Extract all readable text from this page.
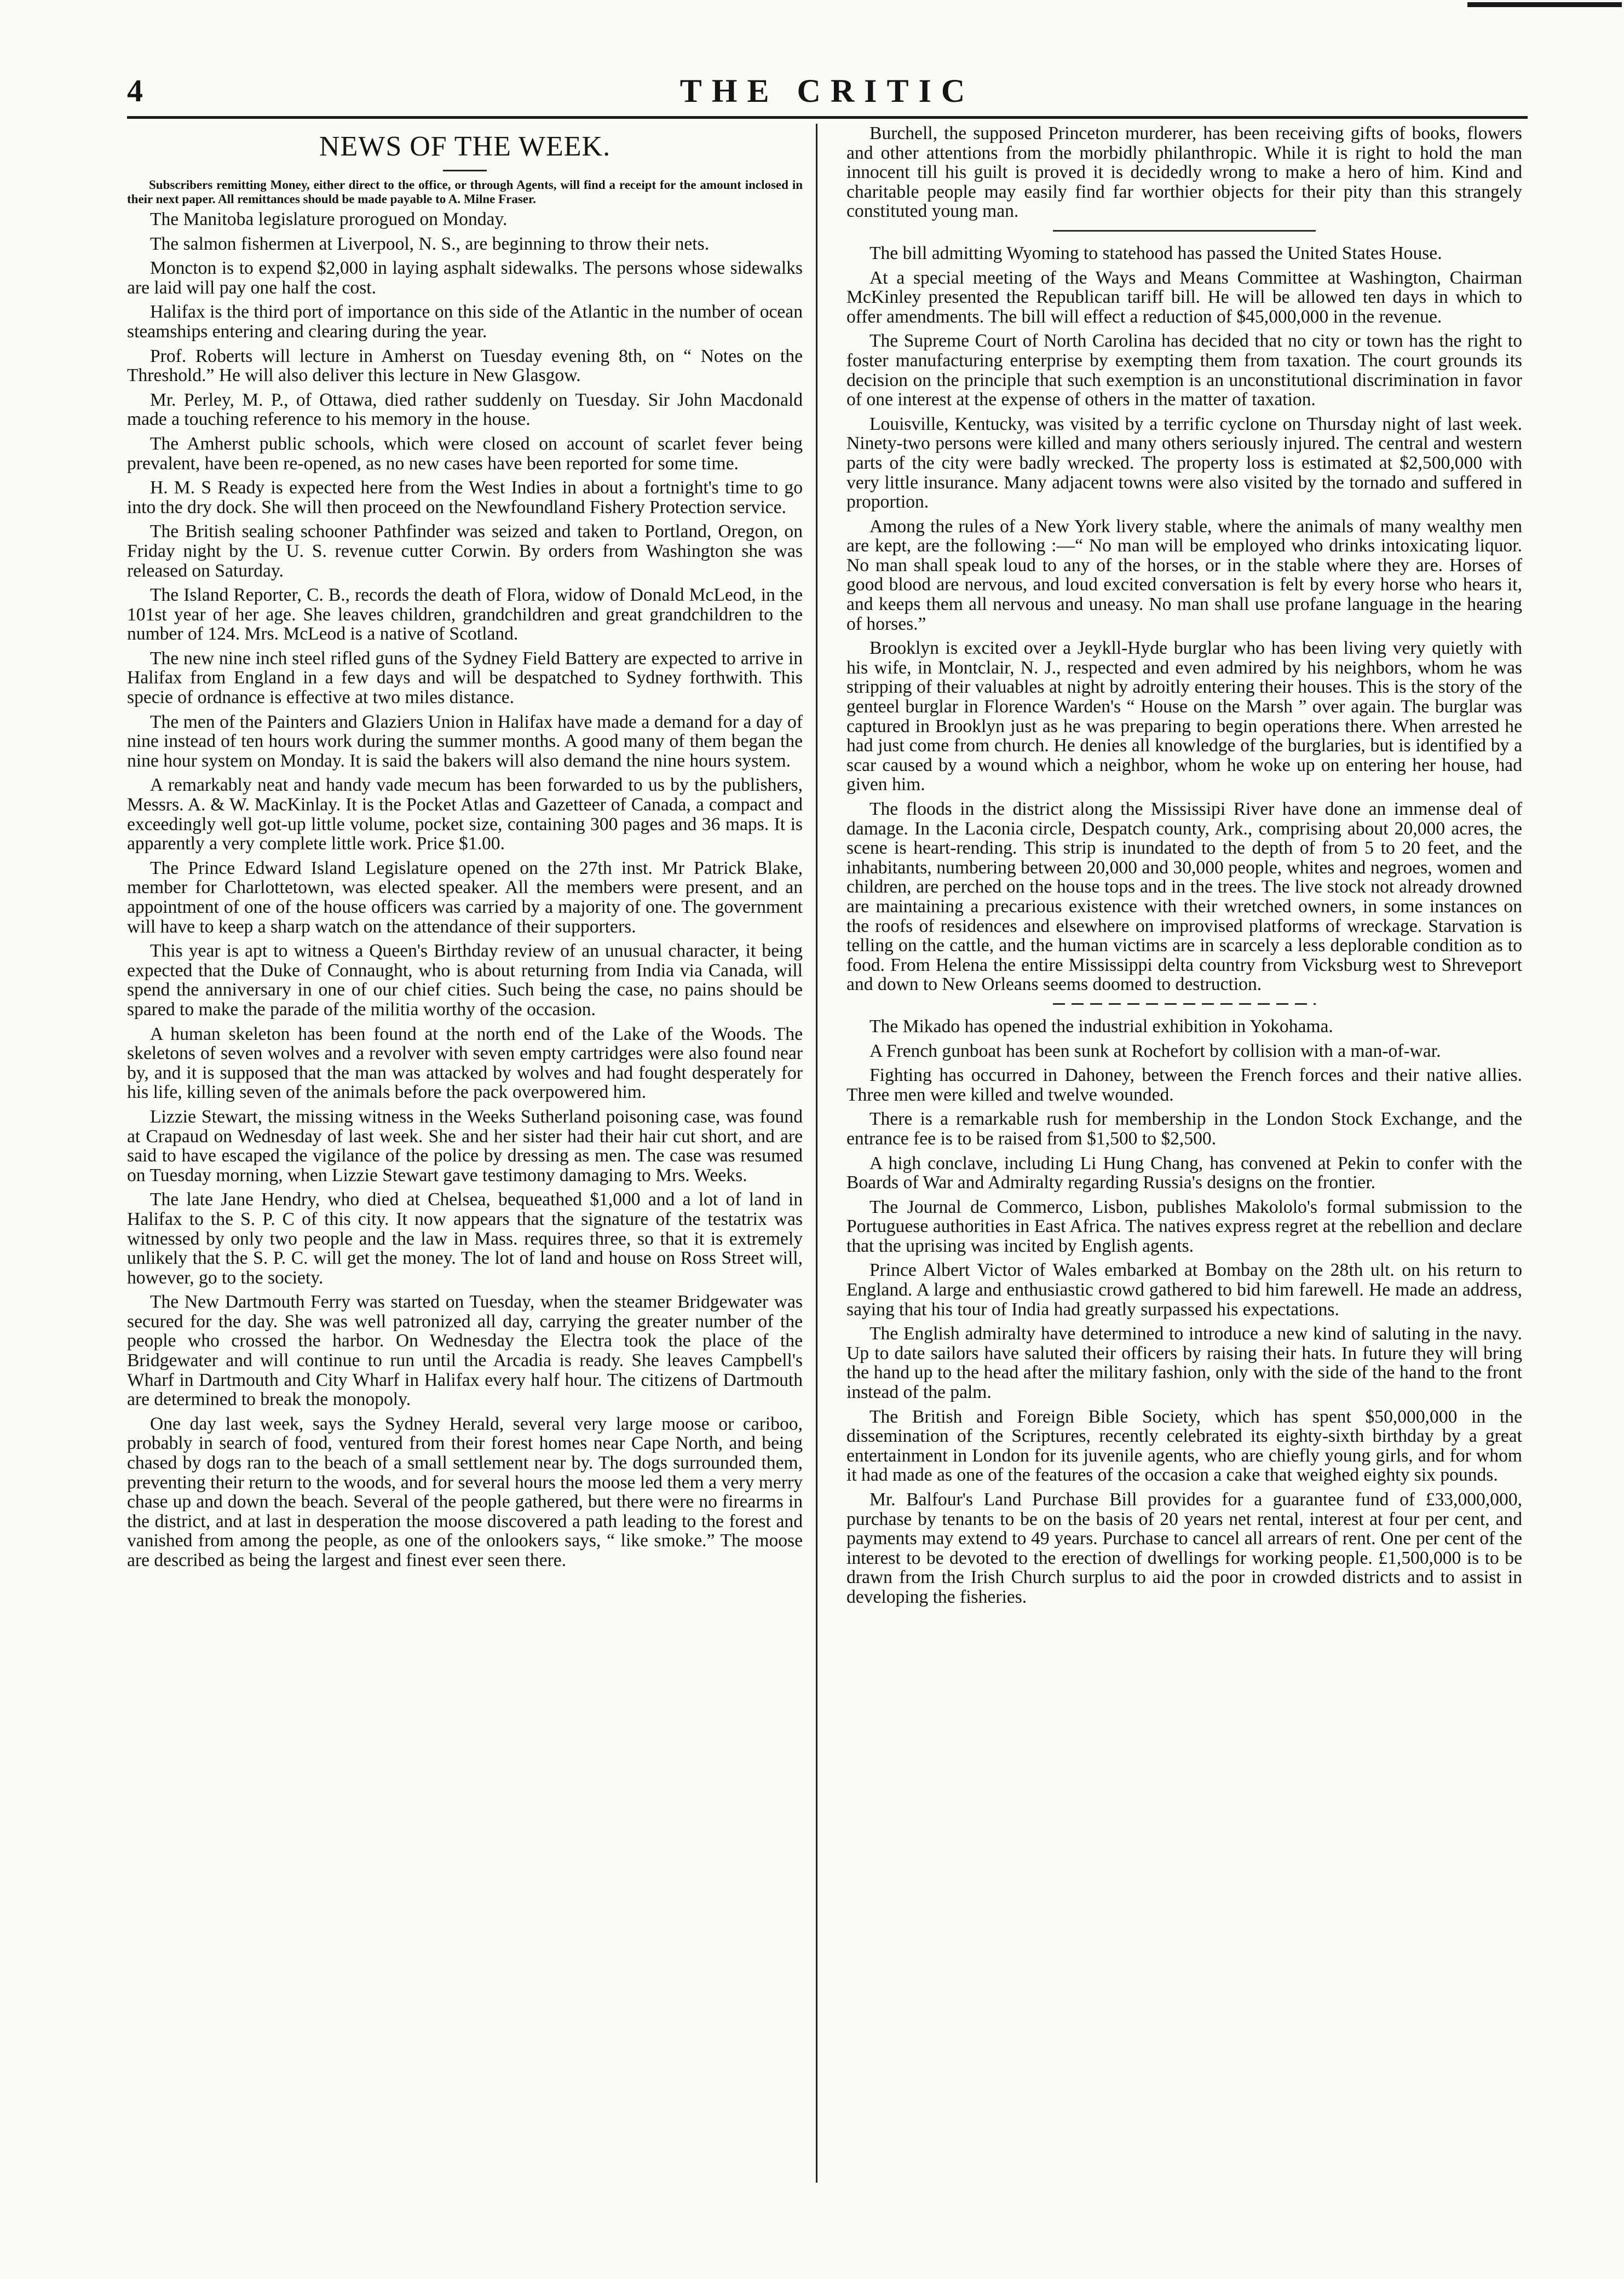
4	THE CRITIC
NEWS OF THE WEEK.
Subscribers remitting Money, either direct to the office, or through Agents, will find a receipt for the amount inclosed in their next paper. All remittances should be made payable to A. Milne Fraser.

The Manitoba legislature prorogued on Monday.

The salmon fishermen at Liverpool, N. S., are beginning to throw their nets.

Moncton is to expend $2,000 in laying asphalt sidewalks. The persons whose sidewalks are laid will pay one half the cost.

Halifax is the third port of importance on this side of the Atlantic in the number of ocean steamships entering and clearing during the year.

Prof. Roberts will lecture in Amherst on Tuesday evening 8th, on “ Notes on the Threshold.” He will also deliver this lecture in New Glasgow.

Mr. Perley, M. P., of Ottawa, died rather suddenly on Tuesday. Sir John Macdonald made a touching reference to his memory in the house.

The Amherst public schools, which were closed on account of scarlet fever being prevalent, have been re-opened, as no new cases have been reported for some time.

H. M. S Ready is expected here from the West Indies in about a fortnight's time to go into the dry dock. She will then proceed on the Newfoundland Fishery Protection service.

The British sealing schooner Pathfinder was seized and taken to Portland, Oregon, on Friday night by the U. S. revenue cutter Corwin. By orders from Washington she was released on Saturday.

The Island Reporter, C. B., records the death of Flora, widow of Donald McLeod, in the 101st year of her age. She leaves children, grandchildren and great grandchildren to the number of 124. Mrs. McLeod is a native of Scotland.

The new nine inch steel rifled guns of the Sydney Field Battery are expected to arrive in Halifax from England in a few days and will be despatched to Sydney forthwith. This specie of ordnance is effective at two miles distance.

The men of the Painters and Glaziers Union in Halifax have made a demand for a day of nine instead of ten hours work during the summer months. A good many of them began the nine hour system on Monday. It is said the bakers will also demand the nine hours system.

A remarkably neat and handy vade mecum has been forwarded to us by the publishers, Messrs. A. & W. MacKinlay. It is the Pocket Atlas and Gazetteer of Canada, a compact and exceedingly well got-up little volume, pocket size, containing 300 pages and 36 maps. It is apparently a very complete little work. Price $1.00.

The Prince Edward Island Legislature opened on the 27th inst. Mr Patrick Blake, member for Charlottetown, was elected speaker. All the members were present, and an appointment of one of the house officers was carried by a majority of one. The government will have to keep a sharp watch on the attendance of their supporters.

This year is apt to witness a Queen's Birthday review of an unusual character, it being expected that the Duke of Connaught, who is about returning from India via Canada, will spend the anniversary in one of our chief cities. Such being the case, no pains should be spared to make the parade of the militia worthy of the occasion.

A human skeleton has been found at the north end of the Lake of the Woods. The skeletons of seven wolves and a revolver with seven empty cartridges were also found near by, and it is supposed that the man was attacked by wolves and had fought desperately for his life, killing seven of the animals before the pack overpowered him.

Lizzie Stewart, the missing witness in the Weeks Sutherland poisoning case, was found at Crapaud on Wednesday of last week. She and her sister had their hair cut short, and are said to have escaped the vigilance of the police by dressing as men. The case was resumed on Tuesday morning, when Lizzie Stewart gave testimony damaging to Mrs. Weeks.

The late Jane Hendry, who died at Chelsea, bequeathed $1,000 and a lot of land in Halifax to the S. P. C of this city. It now appears that the signature of the testatrix was witnessed by only two people and the law in Mass. requires three, so that it is extremely unlikely that the S. P. C. will get the money. The lot of land and house on Ross Street will, however, go to the society.

The New Dartmouth Ferry was started on Tuesday, when the steamer Bridgewater was secured for the day. She was well patronized all day, carrying the greater number of the people who crossed the harbor. On Wednesday the Electra took the place of the Bridgewater and will continue to run until the Arcadia is ready. She leaves Campbell's Wharf in Dartmouth and City Wharf in Halifax every half hour. The citizens of Dartmouth are determined to break the monopoly.

One day last week, says the Sydney Herald, several very large moose or cariboo, probably in search of food, ventured from their forest homes near Cape North, and being chased by dogs ran to the beach of a small settlement near by. The dogs surrounded them, preventing their return to the woods, and for several hours the moose led them a very merry chase up and down the beach. Several of the people gathered, but there were no firearms in the district, and at last in desperation the moose discovered a path leading to the forest and vanished from among the people, as one of the onlookers says, “ like smoke.” The moose are described as being the largest and finest ever seen there.

Burchell, the supposed Princeton murderer, has been receiving gifts of books, flowers and other attentions from the morbidly philanthropic. While it is right to hold the man innocent till his guilt is proved it is decidedly wrong to make a hero of him. Kind and charitable people may easily find far worthier objects for their pity than this strangely constituted young man.

The bill admitting Wyoming to statehood has passed the United States House.

At a special meeting of the Ways and Means Committee at Washington, Chairman McKinley presented the Republican tariff bill. He will be allowed ten days in which to offer amendments. The bill will effect a reduction of $45,000,000 in the revenue.

The Supreme Court of North Carolina has decided that no city or town has the right to foster manufacturing enterprise by exempting them from taxation. The court grounds its decision on the principle that such exemption is an unconstitutional discrimination in favor of one interest at the expense of others in the matter of taxation.

Louisville, Kentucky, was visited by a terrific cyclone on Thursday night of last week. Ninety-two persons were killed and many others seriously injured. The central and western parts of the city were badly wrecked. The property loss is estimated at $2,500,000 with very little insurance. Many adjacent towns were also visited by the tornado and suffered in proportion.

Among the rules of a New York livery stable, where the animals of many wealthy men are kept, are the following :—“ No man will be employed who drinks intoxicating liquor. No man shall speak loud to any of the horses, or in the stable where they are. Horses of good blood are nervous, and loud excited conversation is felt by every horse who hears it, and keeps them all nervous and uneasy. No man shall use profane language in the hearing of horses.”

Brooklyn is excited over a Jeykll-Hyde burglar who has been living very quietly with his wife, in Montclair, N. J., respected and even admired by his neighbors, whom he was stripping of their valuables at night by adroitly entering their houses. This is the story of the genteel burglar in Florence Warden's “ House on the Marsh ” over again. The burglar was captured in Brooklyn just as he was preparing to begin operations there. When arrested he had just come from church. He denies all knowledge of the burglaries, but is identified by a scar caused by a wound which a neighbor, whom he woke up on entering her house, had given him.

The floods in the district along the Mississipi River have done an immense deal of damage. In the Laconia circle, Despatch county, Ark., comprising about 20,000 acres, the scene is heart-rending. This strip is inundated to the depth of from 5 to 20 feet, and the inhabitants, numbering between 20,000 and 30,000 people, whites and negroes, women and children, are perched on the house tops and in the trees. The live stock not already drowned are maintaining a precarious existence with their wretched owners, in some instances on the roofs of residences and elsewhere on improvised platforms of wreckage. Starvation is telling on the cattle, and the human victims are in scarcely a less deplorable condition as to food. From Helena the entire Mississippi delta country from Vicksburg west to Shreveport and down to New Orleans seems doomed to destruction.

The Mikado has opened the industrial exhibition in Yokohama.

A French gunboat has been sunk at Rochefort by collision with a man-of-war.

Fighting has occurred in Dahoney, between the French forces and their native allies. Three men were killed and twelve wounded.

There is a remarkable rush for membership in the London Stock Exchange, and the entrance fee is to be raised from $1,500 to $2,500.

A high conclave, including Li Hung Chang, has convened at Pekin to confer with the Boards of War and Admiralty regarding Russia's designs on the frontier.

The Journal de Commerco, Lisbon, publishes Makololo's formal submission to the Portuguese authorities in East Africa. The natives express regret at the rebellion and declare that the uprising was incited by English agents.

Prince Albert Victor of Wales embarked at Bombay on the 28th ult. on his return to England. A large and enthusiastic crowd gathered to bid him farewell. He made an address, saying that his tour of India had greatly surpassed his expectations.

The English admiralty have determined to introduce a new kind of saluting in the navy. Up to date sailors have saluted their officers by raising their hats. In future they will bring the hand up to the head after the military fashion, only with the side of the hand to the front instead of the palm.

The British and Foreign Bible Society, which has spent $50,000,000 in the dissemination of the Scriptures, recently celebrated its eighty-sixth birthday by a great entertainment in London for its juvenile agents, who are chiefly young girls, and for whom it had made as one of the features of the occasion a cake that weighed eighty six pounds.

Mr. Balfour's Land Purchase Bill provides for a guarantee fund of £33,000,000, purchase by tenants to be on the basis of 20 years net rental, interest at four per cent, and payments may extend to 49 years. Purchase to cancel all arrears of rent. One per cent of the interest to be devoted to the erection of dwellings for working people. £1,500,000 is to be drawn from the Irish Church surplus to aid the poor in crowded districts and to assist in developing the fisheries.
